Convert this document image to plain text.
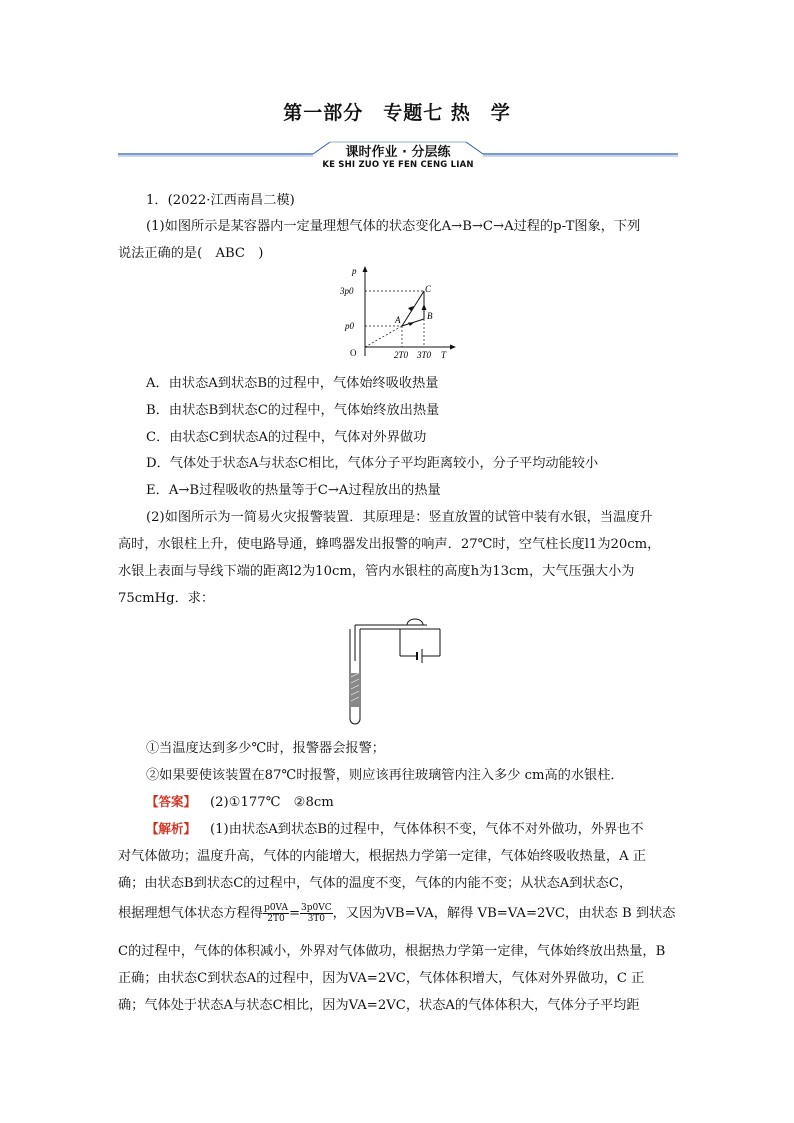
第一部分　专题七 热　学
课时作业 · 分层练
KE SHI ZUO YE FEN CENG LIAN
1．(2022·江西南昌二模)
(1)如图所示是某容器内一定量理想气体的状态变化A→B→C→A过程的p-T图象，下列
说法正确的是(　ABC　)
p
3p0
p0
O	2T0 3T0 T
A	B
C
A．由状态A到状态B的过程中，气体始终吸收热量
B．由状态B到状态C的过程中，气体始终放出热量
C．由状态C到状态A的过程中，气体对外界做功
D．气体处于状态A与状态C相比，气体分子平均距离较小，分子平均动能较小
E．A→B过程吸收的热量等于C→A过程放出的热量
(2)如图所示为一简易火灾报警装置．其原理是：竖直放置的试管中装有水银，当温度升
高时，水银柱上升，使电路导通，蜂鸣器发出报警的响声．27℃时，空气柱长度l1为20cm，
水银上表面与导线下端的距离l2为10cm，管内水银柱的高度h为13cm，大气压强大小为
75cmHg．求：
①当温度达到多少℃时，报警器会报警；
②如果要使该装置在87℃时报警，则应该再往玻璃管内注入多少 cm高的水银柱．
【答案】 (2)①177℃　②8cm
【解析】 (1)由状态A到状态B的过程中，气体体积不变，气体不对外做功，外界也不
对气体做功；温度升高，气体的内能增大，根据热力学第一定律，气体始终吸收热量，A 正
确；由状态B到状态C的过程中，气体的温度不变，气体的内能不变；从状态A到状态C，
根据理想气体状态方程得 $\frac{p0VA}{2T0} = \frac{3p0VC}{3T0}$ ，又因为VB=VA，解得 VB=VA=2VC，由状态 B 到状态
C的过程中，气体的体积减小，外界对气体做功，根据热力学第一定律，气体始终放出热量，B
正确；由状态C到状态A的过程中，因为VA=2VC，气体体积增大，气体对外界做功，C 正
确；气体处于状态A与状态C相比，因为VA=2VC，状态A的气体体积大，气体分子平均距
